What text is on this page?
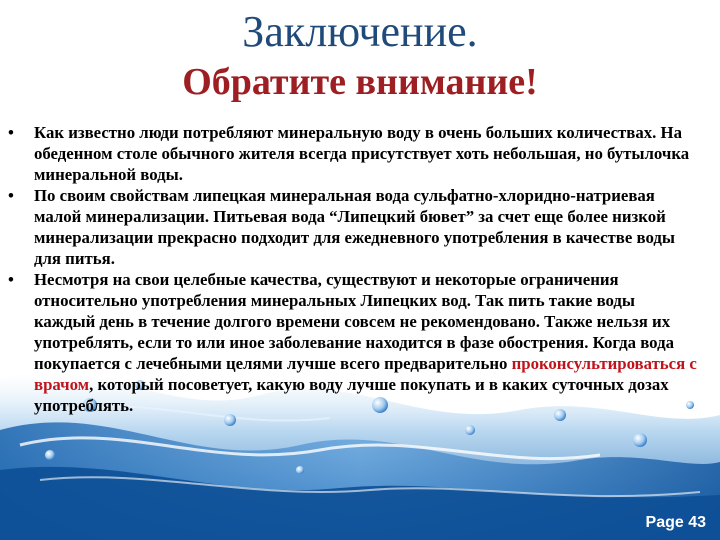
Заключение.
Обратите внимание!
•	Как известно люди потребляют минеральную воду в очень больших количествах. На обеденном столе обычного жителя всегда присутствует хоть небольшая, но бутылочка минеральной воды.
•	По своим свойствам липецкая минеральная вода сульфатно-хлоридно-натриевая малой минерализации. Питьевая вода “Липецкий бювет” за счет еще более низкой минерализации прекрасно подходит для ежедневного употребления в качестве воды для питья.
•	Несмотря на свои целебные качества, существуют и некоторые ограничения относительно употребления минеральных Липецких вод. Так пить такие воды каждый день в течение долгого времени совсем не рекомендовано. Также нельзя их употреблять, если то или иное заболевание находится в фазе обострения. Когда вода покупается с лечебными целями лучше всего предварительно проконсультироваться с врачом, который посоветует, какую воду лучше покупать и в каких суточных дозах употреблять.
Page 43
